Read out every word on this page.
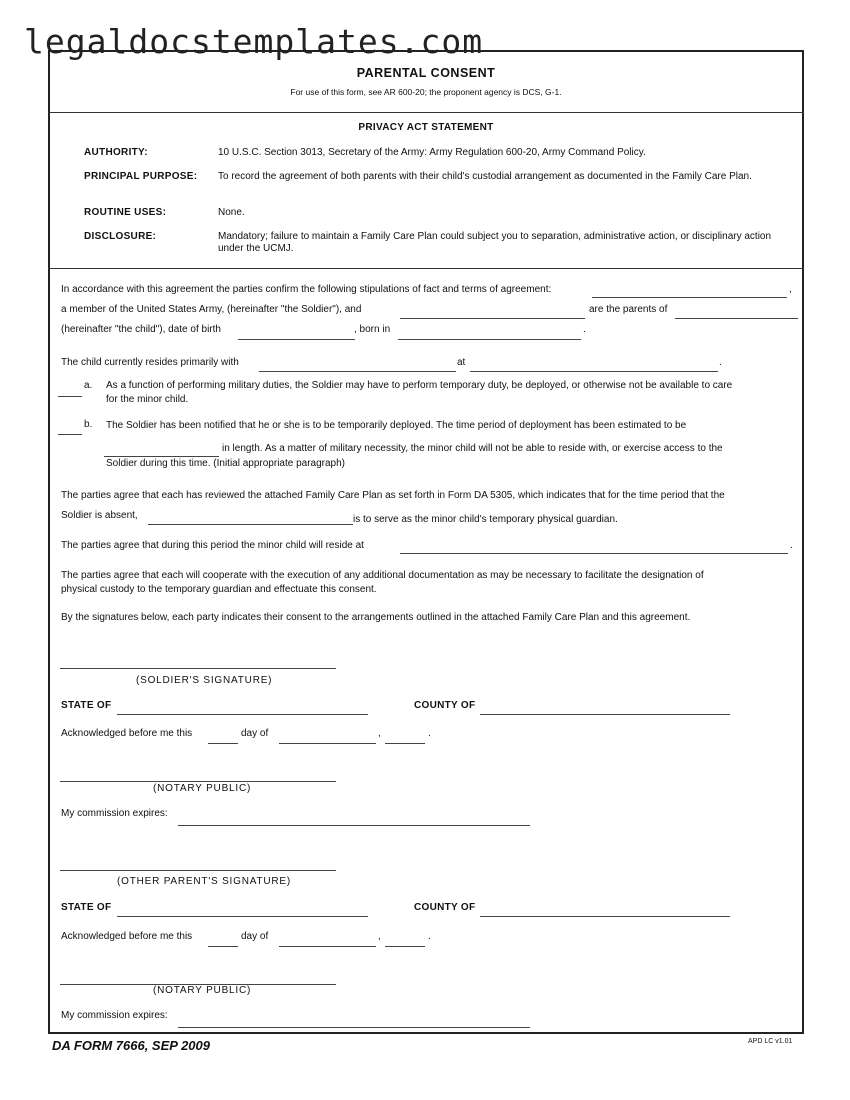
legaldocstemplates.com
PARENTAL CONSENT
For use of this form, see AR 600-20; the proponent agency is DCS, G-1.
PRIVACY ACT STATEMENT
AUTHORITY:	10 U.S.C. Section 3013, Secretary of the Army: Army Regulation 600-20, Army Command Policy.
PRINCIPAL PURPOSE: To record the agreement of both parents with their child's custodial arrangement as documented in the Family Care Plan.
ROUTINE USES:	None.
DISCLOSURE:	Mandatory; failure to maintain a Family Care Plan could subject you to separation, administrative action, or disciplinary action under the UCMJ.
In accordance with this agreement the parties confirm the following stipulations of fact and terms of agreement:	,
a member of the United States Army, (hereinafter "the Soldier"), and	are the parents of
(hereinafter "the child"), date of birth	, born in	.
The child currently resides primarily with	at	.
a. As a function of performing military duties, the Soldier may have to perform temporary duty, be deployed, or otherwise not be available to care
for the minor child.
b. The Soldier has been notified that he or she is to be temporarily deployed. The time period of deployment has been estimated to be
in length. As a matter of military necessity, the minor child will not be able to reside with, or exercise access to the
Soldier during this time. (Initial appropriate paragraph)
The parties agree that each has reviewed the attached Family Care Plan as set forth in Form DA 5305, which indicates that for the time period that the
Soldier is absent,	is to serve as the minor child's temporary physical guardian.
The parties agree that during this period the minor child will reside at	.
The parties agree that each will cooperate with the execution of any additional documentation as may be necessary to facilitate the designation of
physical custody to the temporary guardian and effectuate this consent.
By the signatures below, each party indicates their consent to the arrangements outlined in the attached Family Care Plan and this agreement.
(SOLDIER'S SIGNATURE)
STATE OF	COUNTY OF
Acknowledged before me this	day of	,	.
(NOTARY PUBLIC)
My commission expires:
(OTHER PARENT'S SIGNATURE)
STATE OF	COUNTY OF
Acknowledged before me this	day of	,	.
(NOTARY PUBLIC)
My commission expires:
DA FORM 7666, SEP 2009	APD LC v1.01
